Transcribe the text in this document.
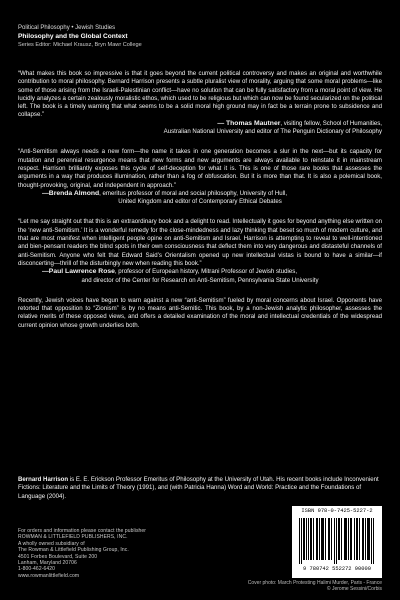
Political Philosophy • Jewish Studies
Philosophy and the Global Context
Series Editor: Michael Krausz, Bryn Mawr College

“What makes this book so impressive is that it goes beyond the current political controversy and makes an original and worthwhile contribution to moral philosophy. Bernard Harrison presents a subtle pluralist view of morality, arguing that some moral problems—like some of those arising from the Israeli-Palestinian conflict—have no solution that can be fully satisfactory from a moral point of view. He lucidly analyzes a certain zealously moralistic ethos, which used to be religious but which can now be found secularized on the political left. The book is a timely warning that what seems to be a solid moral high ground may in fact be a terrain prone to subsidence and collapse.”

— Thomas Mautner, visiting fellow, School of Humanities,
Australian National University and editor of The Penguin Dictionary of Philosophy

“Anti-Semitism always needs a new form—the name it takes in one generation becomes a slur in the next—but its capacity for mutation and perennial resurgence means that new forms and new arguments are always available to reinstate it in mainstream respect. Harrison brilliantly exposes this cycle of self-deception for what it is. This is one of those rare books that assesses the arguments in a way that produces illumination, rather than a fog of obfuscation. But it is more than that. It is also a polemical book, thought-provoking, original, and independent in approach.”

—Brenda Almond, emeritus professor of moral and social philosophy, University of Hull,
United Kingdom and editor of Contemporary Ethical Debates

“Let me say straight out that this is an extraordinary book and a delight to read. Intellectually it goes for beyond anything else written on the ‘new anti-Semitism.’ It is a wonderful remedy for the close-mindedness and lazy thinking that beset so much of modern culture, and that are most manifest when intelligent people opine on anti-Semitism and Israel. Harrison is attempting to reveal to well-intentioned and bien-pensant readers the blind spots in their own consciousness that deflect them into very dangerous and distasteful channels of anti-Semitism. Anyone who felt that Edward Said’s Orientalism opened up new intellectual vistas is bound to have a similar—if disconcerting—thrill of the disturbingly new when reading this book.”

—Paul Lawrence Rose, professor of European history, Mitrani Professor of Jewish studies,
and director of the Center for Research on Anti-Semitism, Pennsylvania State University

Recently, Jewish voices have begun to warn against a new “anti-Semitism” fueled by moral concerns about Israel. Opponents have retorted that opposition to “Zionism” is by no means anti-Semitic. This book, by a non-Jewish analytic philosopher, assesses the relative merits of these opposed views, and offers a detailed examination of the moral and intellectual credentials of the widespread current opinion whose growth underlies both.

Bernard Harrison is E. E. Erickson Professor Emeritus of Philosophy at the University of Utah. His recent books include Inconvenient Fictions: Literature and the Limits of Theory (1991), and (with Patricia Hanna) Word and World: Practice and the Foundations of Language (2004).

ISBN 978-0-7425-5227-2
9 780742 552272 90000
For orders and information please contact the publisher
ROWMAN & LITTLEFIELD PUBLISHERS, INC.
A wholly owned subsidiary of
The Rowman & Littlefield Publishing Group, Inc.
4501 Forbes Boulevard, Suite 200
Lanham, Maryland 20706
1-800-462-6420
www.rowmanlittlefield.com
Cover photo: March Protesting Halimi Murder, Paris - France
© Jerome Sessini/Corbis
